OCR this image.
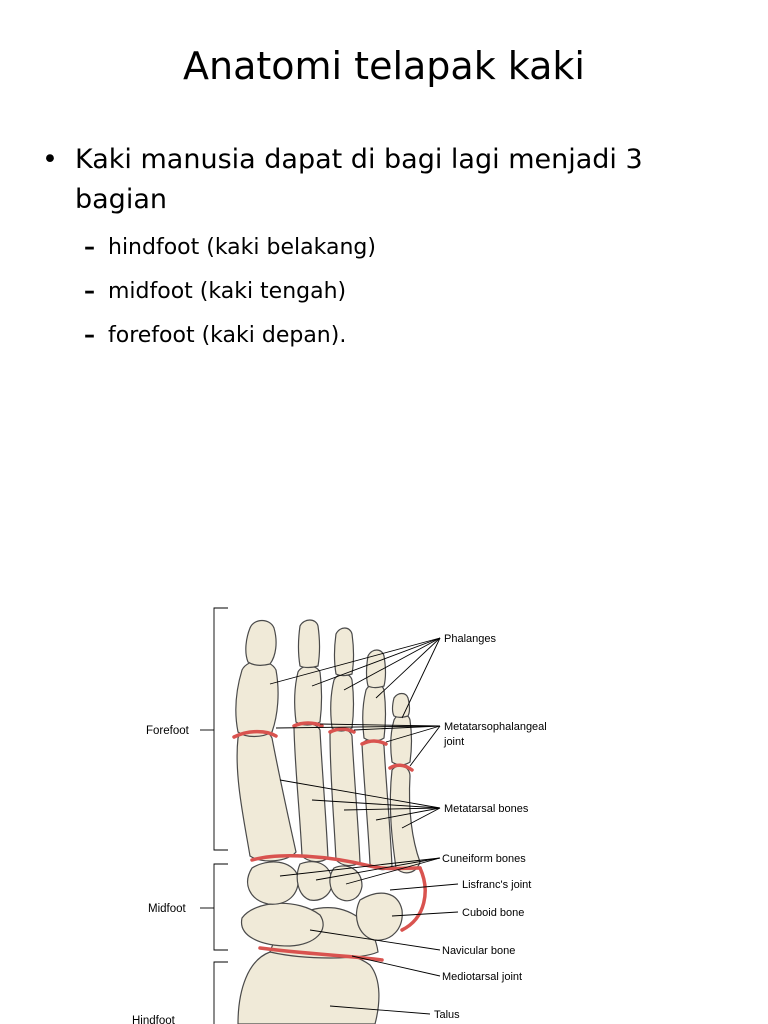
Anatomi telapak kaki
• Kaki manusia dapat di bagi lagi menjadi 3 bagian
– hindfoot (kaki belakang)
– midfoot (kaki tengah)
– forefoot (kaki depan).
Forefoot
Midfoot
Hindfoot
Phalanges
Metatarsophalangeal
joint
Metatarsal bones
Cuneiform bones
Lisfranc's joint
Cuboid bone
Navicular bone
Mediotarsal joint
Talus
